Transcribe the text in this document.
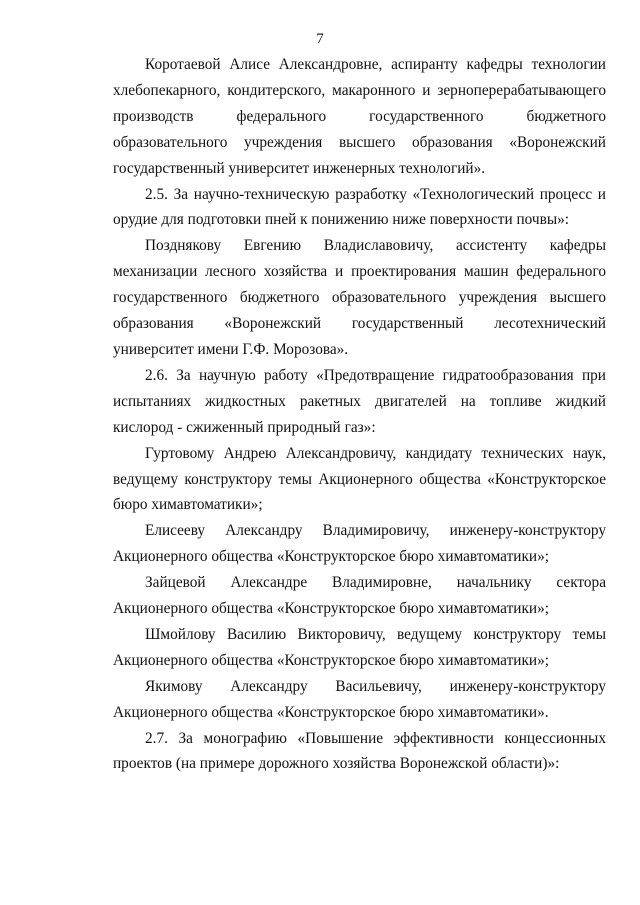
7

Коротаевой Алисе Александровне, аспиранту кафедры технологии хлебопекарного, кондитерского, макаронного и зерноперерабатывающего производств федерального государственного бюджетного образовательного учреждения высшего образования «Воронежский государственный университет инженерных технологий».

2.5. За научно-техническую разработку «Технологический процесс и орудие для подготовки пней к понижению ниже поверхности почвы»:

Позднякову Евгению Владиславовичу, ассистенту кафедры механизации лесного хозяйства и проектирования машин федерального государственного бюджетного образовательного учреждения высшего образования «Воронежский государственный лесотехнический университет имени Г.Ф. Морозова».

2.6. За научную работу «Предотвращение гидратообразования при испытаниях жидкостных ракетных двигателей на топливе жидкий кислород - сжиженный природный газ»:

Гуртовому Андрею Александровичу, кандидату технических наук, ведущему конструктору темы Акционерного общества «Конструкторское бюро химавтоматики»;

Елисееву Александру Владимировичу, инженеру-конструктору Акционерного общества «Конструкторское бюро химавтоматики»;

Зайцевой Александре Владимировне, начальнику сектора Акционерного общества «Конструкторское бюро химавтоматики»;

Шмойлову Василию Викторовичу, ведущему конструктору темы Акционерного общества «Конструкторское бюро химавтоматики»;

Якимову Александру Васильевичу, инженеру-конструктору Акционерного общества «Конструкторское бюро химавтоматики».

2.7. За монографию «Повышение эффективности концессионных проектов (на примере дорожного хозяйства Воронежской области)»:
